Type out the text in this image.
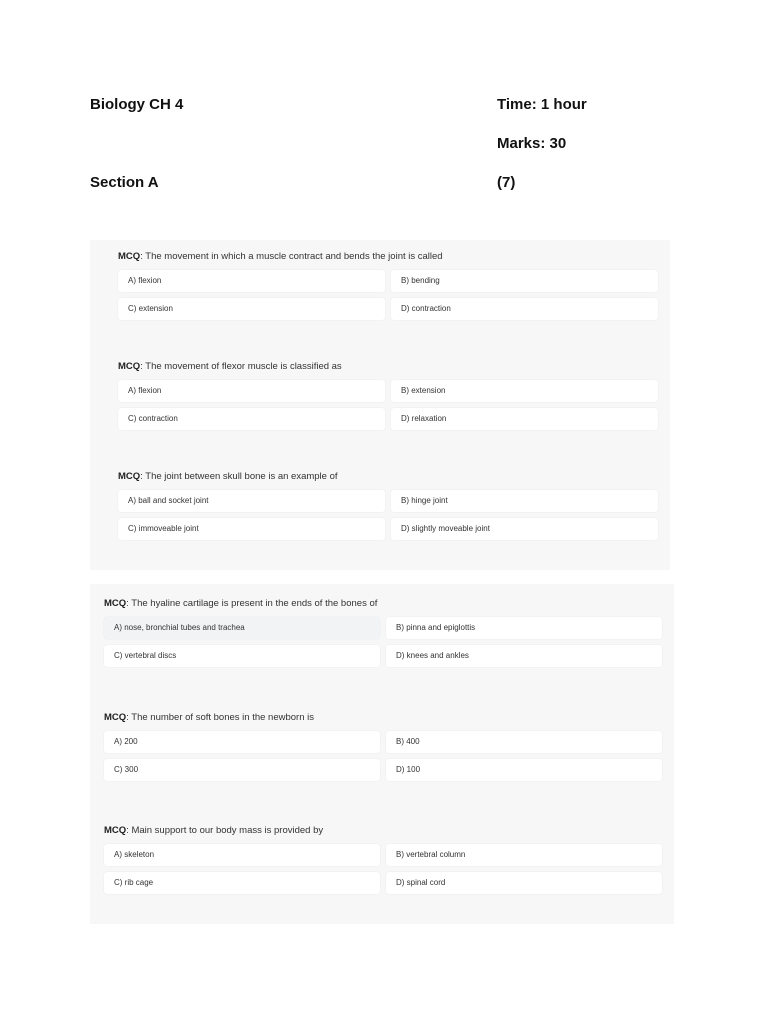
Biology CH 4	Time: 1 hour
Marks: 30
Section A	(7)
MCQ: The movement in which a muscle contract and bends the joint is called
A) flexion	B) bending
C) extension	D) contraction
MCQ: The movement of flexor muscle is classified as
A) flexion	B) extension
C) contraction	D) relaxation
MCQ: The joint between skull bone is an example of
A) ball and socket joint	B) hinge joint
C) immoveable joint	D) slightly moveable joint
MCQ: The hyaline cartilage is present in the ends of the bones of
A) nose, bronchial tubes and trachea	B) pinna and epiglottis
C) vertebral discs	D) knees and ankles
MCQ: The number of soft bones in the newborn is
A) 200	B) 400
C) 300	D) 100
MCQ: Main support to our body mass is provided by
A) skeleton	B) vertebral column
C) rib cage	D) spinal cord
